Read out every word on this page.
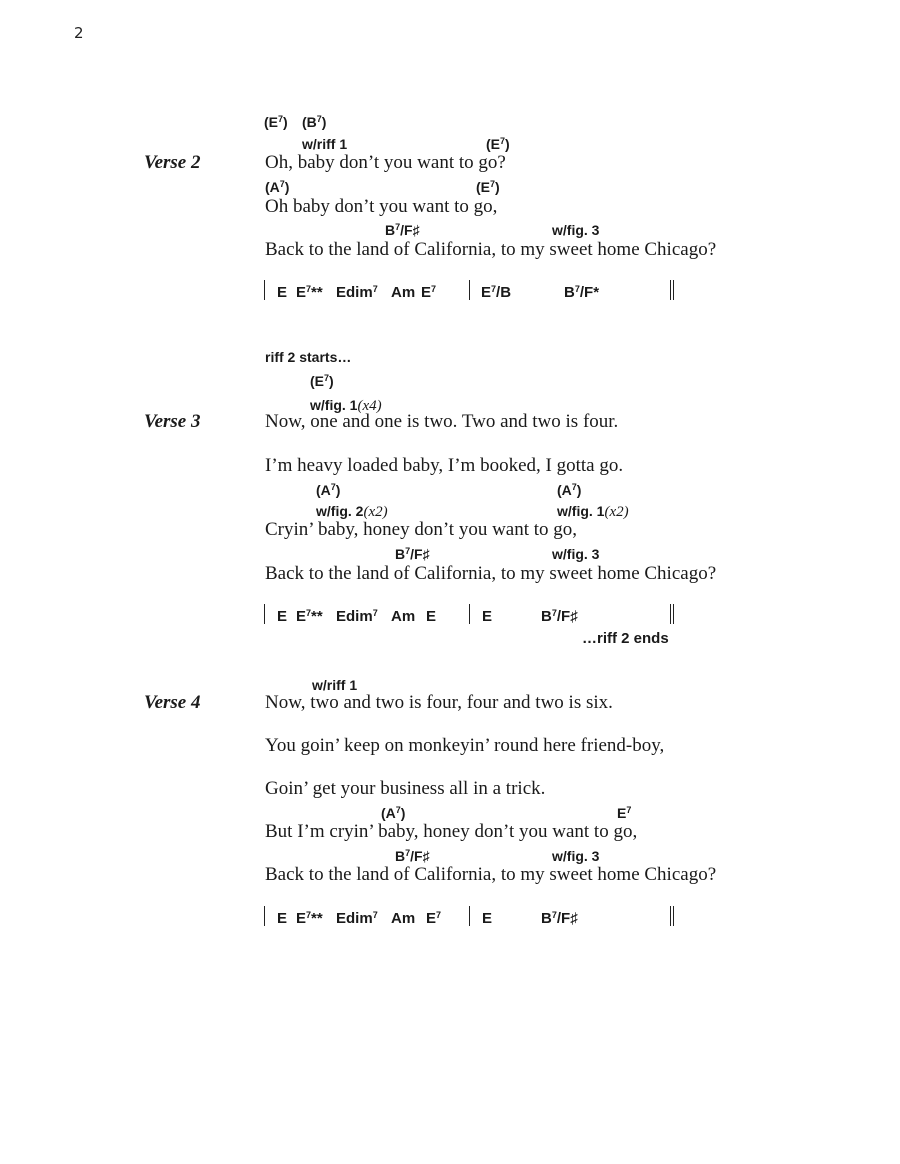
2
$(E^7)$ $(B^7)$
w/riff 1	$(E^7)$
Verse 2	Oh, baby don’t you want to go?
$(A^7)$	$(E^7)$
Oh baby don’t you want to go,
$B^7/F♯$	w/fig. 3
Back to the land of California, to my sweet home Chicago?
E $E^7**$ Edim$^7$ Am $E^7$	$E^7/B$	$B^7/F*$
riff 2 starts…
$(E^7)$
w/fig. 1(x4)
Verse 3	Now, one and one is two. Two and two is four.
I’m heavy loaded baby, I’m booked, I gotta go.
$(A^7)$	$(A^7)$
w/fig. 2(x2)	w/fig. 1(x2)
Cryin’ baby, honey don’t you want to go,
$B^7/F♯$	w/fig. 3
Back to the land of California, to my sweet home Chicago?
E $E^7**$ Edim$^7$ Am E	E	$B^7/F♯$
…riff 2 ends
w/riff 1
Verse 4	Now, two and two is four, four and two is six.
You goin’ keep on monkeyin’ round here friend-boy,
Goin’ get your business all in a trick.
$(A^7)$	$E^7$
But I’m cryin’ baby, honey don’t you want to go,
$B^7/F♯$	w/fig. 3
Back to the land of California, to my sweet home Chicago?
E $E^7**$ Edim$^7$ Am $E^7$	E	$B^7/F♯$
